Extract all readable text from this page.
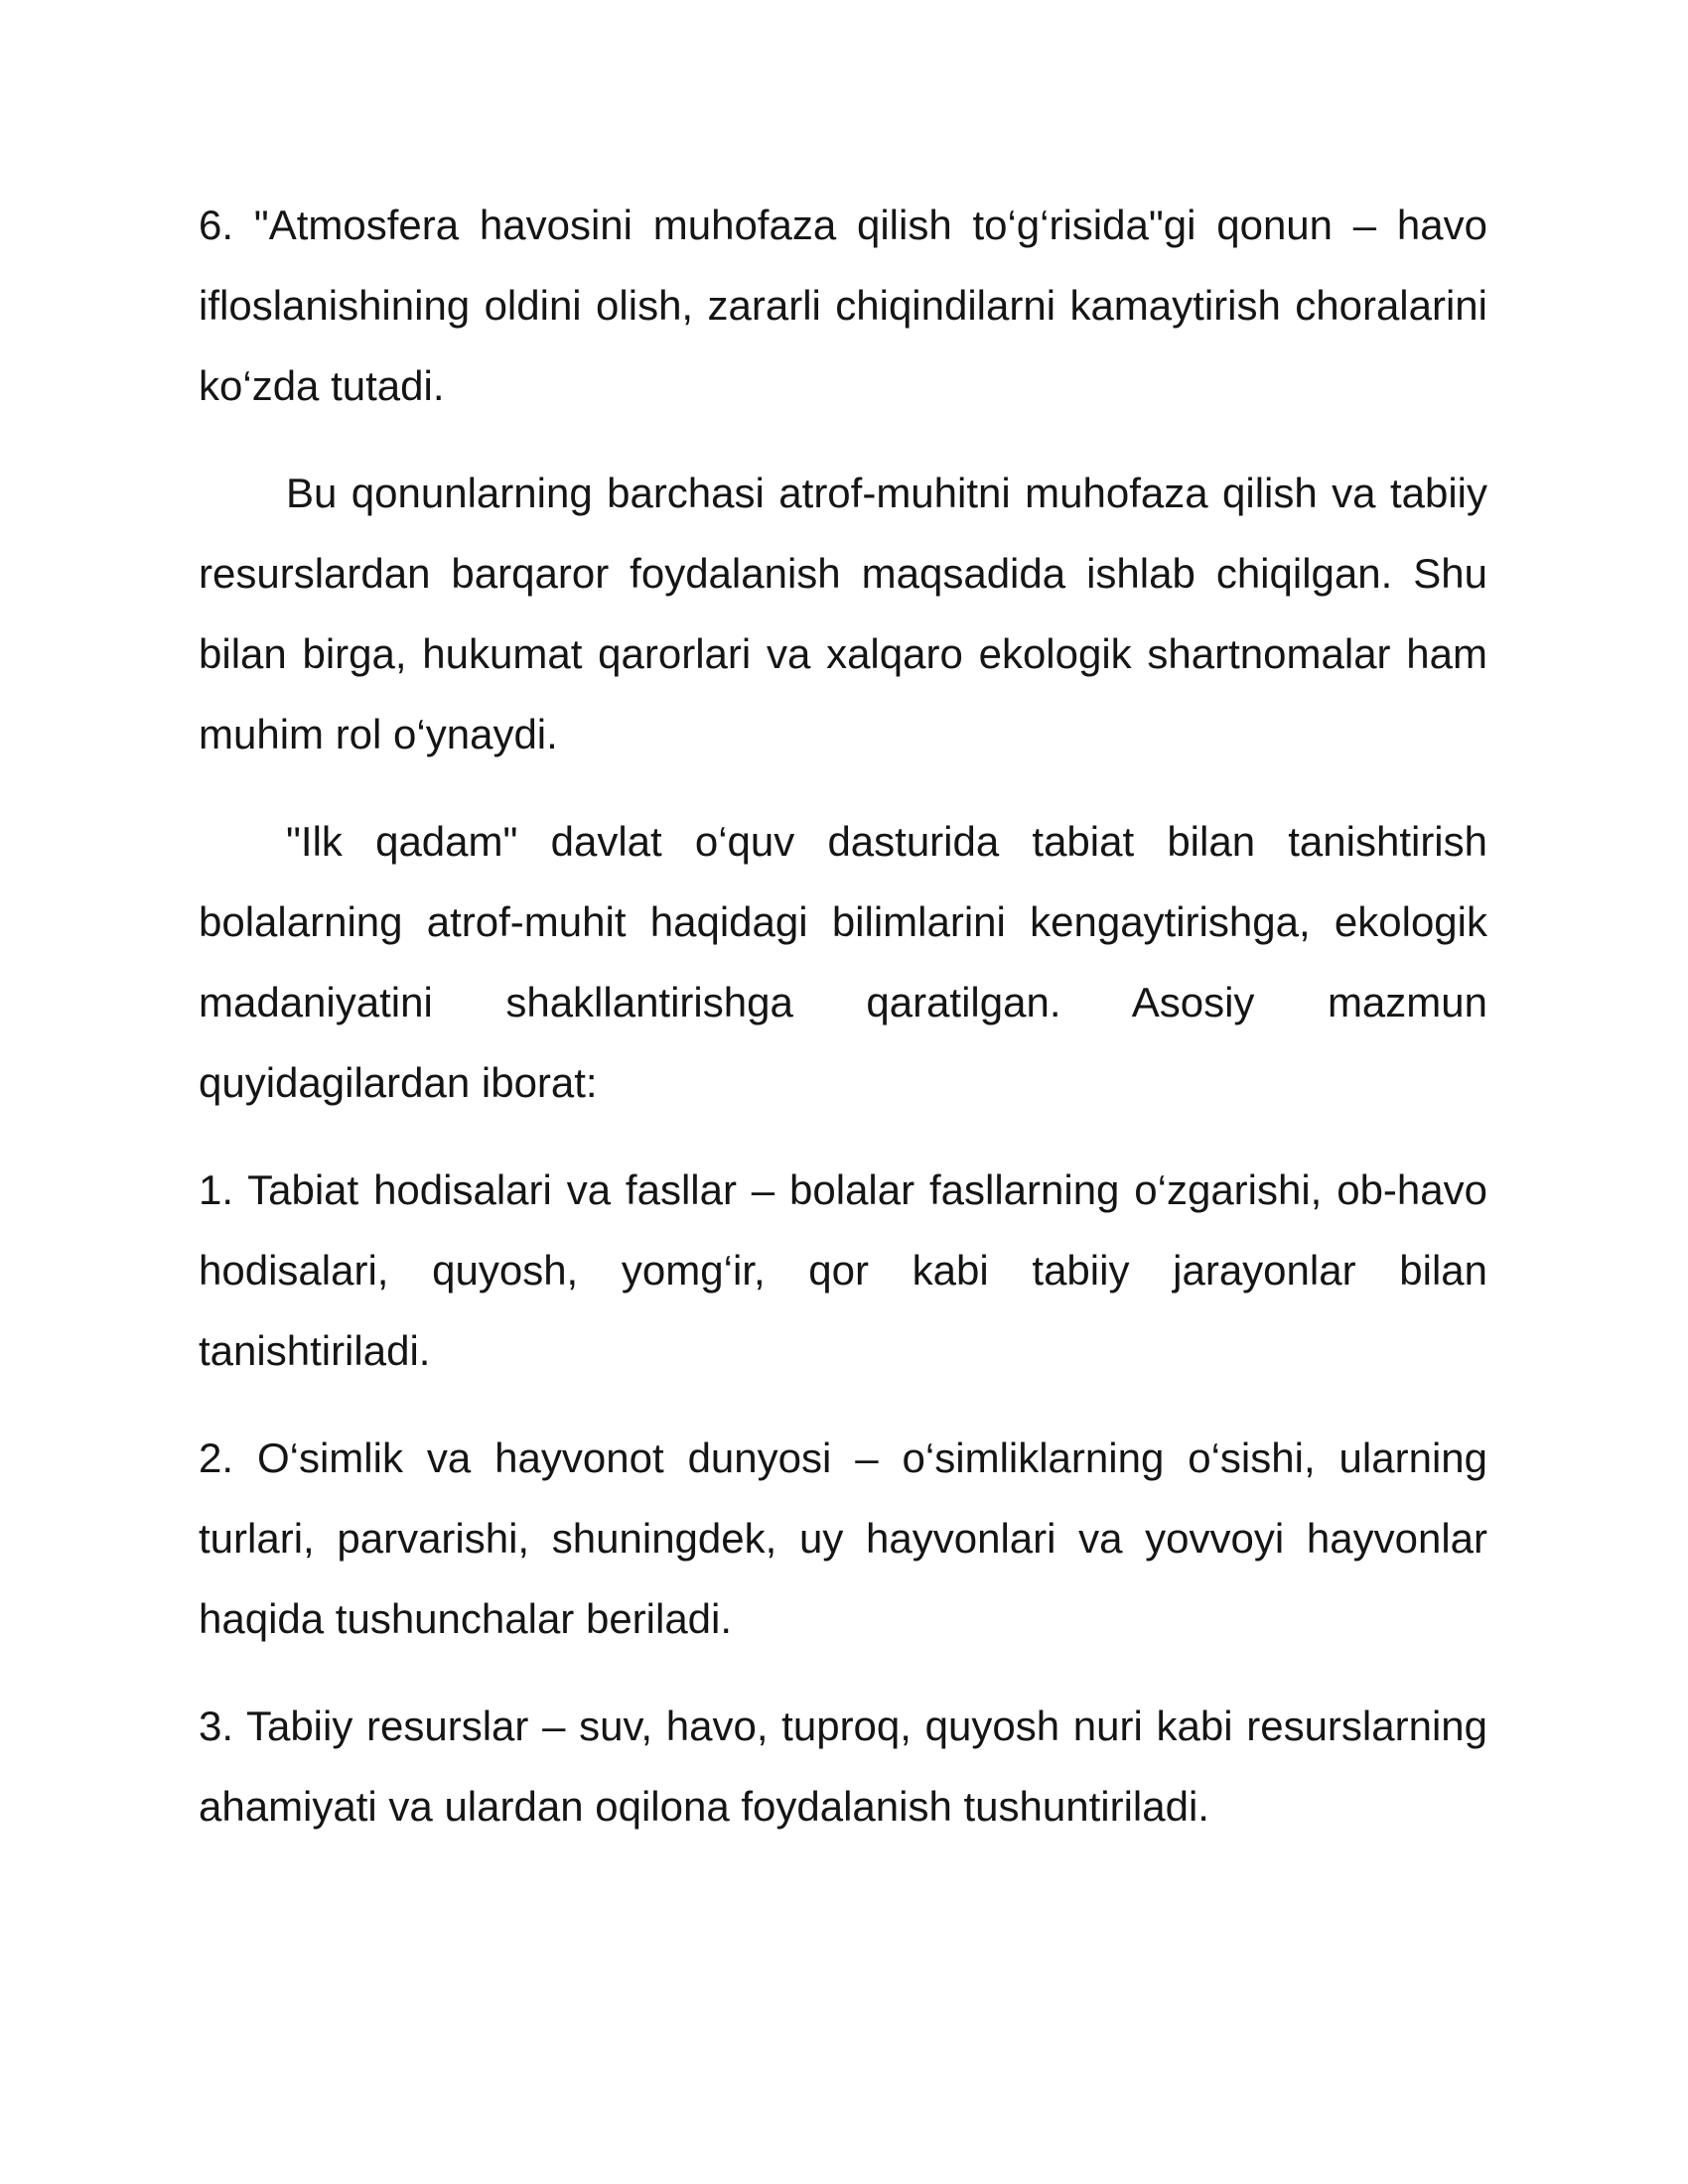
6. "Atmosfera havosini muhofaza qilish to‘g‘risida"gi qonun – havo ifloslanishining oldini olish, zararli chiqindilarni kamaytirish choralarini ko‘zda tutadi.

Bu qonunlarning barchasi atrof-muhitni muhofaza qilish va tabiiy resurslardan barqaror foydalanish maqsadida ishlab chiqilgan. Shu bilan birga, hukumat qarorlari va xalqaro ekologik shartnomalar ham muhim rol o‘ynaydi.

"Ilk qadam" davlat o‘quv dasturida tabiat bilan tanishtirish bolalarning atrof-muhit haqidagi bilimlarini kengaytirishga, ekologik madaniyatini shakllantirishga qaratilgan. Asosiy mazmun quyidagilardan iborat:

1. Tabiat hodisalari va fasllar – bolalar fasllarning o‘zgarishi, ob-havo hodisalari, quyosh, yomg‘ir, qor kabi tabiiy jarayonlar bilan tanishtiriladi.

2. O‘simlik va hayvonot dunyosi – o‘simliklarning o‘sishi, ularning turlari, parvarishi, shuningdek, uy hayvonlari va yovvoyi hayvonlar haqida tushunchalar beriladi.

3. Tabiiy resurslar – suv, havo, tuproq, quyosh nuri kabi resurslarning ahamiyati va ulardan oqilona foydalanish tushuntiriladi.
